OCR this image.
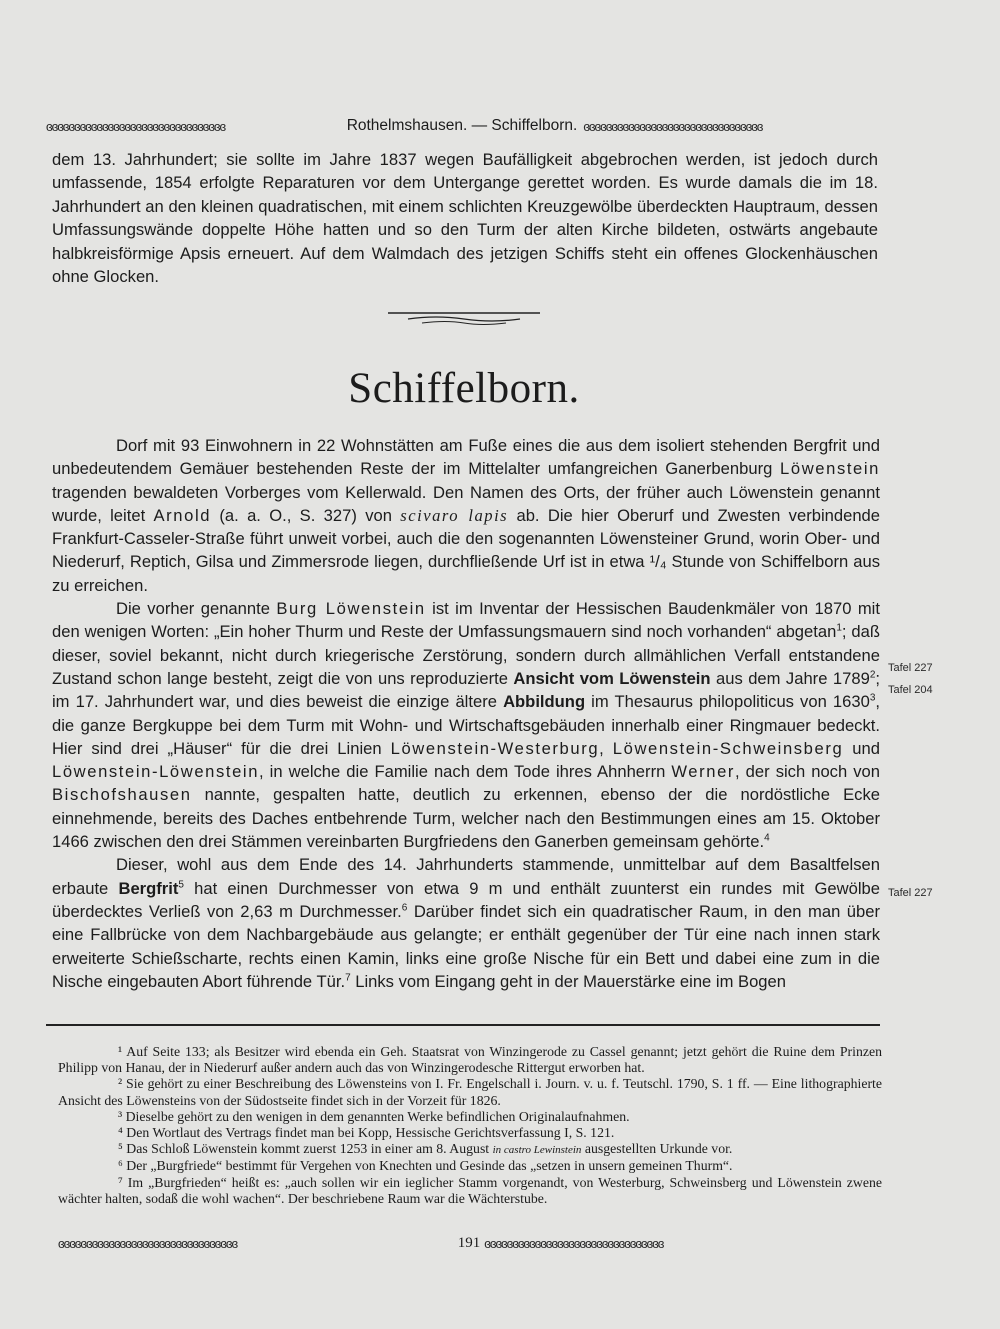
ɞɞɞɞɞɞɞɞɞɞɞɞɞɞɞɞɞɞɞɞɞɞɞɞɞɞɞɞɞɞɞɞ	Rothelmshausen. — Schiffelborn. ɞɞɞɞɞɞɞɞɞɞɞɞɞɞɞɞɞɞɞɞɞɞɞɞɞɞɞɞɞɞɞɞ
dem 13. Jahrhundert; sie sollte im Jahre 1837 wegen Baufälligkeit abgebrochen werden, ist jedoch durch umfassende, 1854 erfolgte Reparaturen vor dem Untergange gerettet worden. Es wurde damals die im 18. Jahrhundert an den kleinen quadratischen, mit einem schlichten Kreuzgewölbe überdeckten Hauptraum, dessen Umfassungswände doppelte Höhe hatten und so den Turm der alten Kirche bildeten, ostwärts angebaute halbkreisförmige Apsis erneuert. Auf dem Walmdach des jetzigen Schiffs steht ein offenes Glockenhäuschen ohne Glocken.
Schiffelborn.

Dorf mit 93 Einwohnern in 22 Wohnstätten am Fuße eines die aus dem isoliert stehenden Bergfrit und unbedeutendem Gemäuer bestehenden Reste der im Mittelalter umfangreichen Ganerbenburg Löwenstein tragenden bewaldeten Vorberges vom Kellerwald. Den Namen des Orts, der früher auch Löwenstein genannt wurde, leitet Arnold (a. a. O., S. 327) von scivaro lapis ab. Die hier Oberurf und Zwesten verbindende Frankfurt-Casseler-Straße führt unweit vorbei, auch die den sogenannten Löwensteiner Grund, worin Ober- und Niederurf, Reptich, Gilsa und Zimmersrode liegen, durchfließende Urf ist in etwa ¹/₄ Stunde von Schiffelborn aus zu erreichen.

Die vorher genannte Burg Löwenstein ist im Inventar der Hessischen Baudenkmäler von 1870 mit den wenigen Worten: „Ein hoher Thurm und Reste der Umfassungsmauern sind noch vorhanden“ abgetan$^1$; daß dieser, soviel bekannt, nicht durch kriegerische Zerstörung, sondern durch allmählichen Verfall entstandene Zustand schon lange besteht, zeigt die von uns reproduzierte Ansicht vom Löwenstein aus dem Jahre 1789$^2$; im 17. Jahrhundert war, und dies beweist die einzige ältere Abbildung im Thesaurus philopoliticus von 1630$^3$, die ganze Bergkuppe bei dem Turm mit Wohn- und Wirtschaftsgebäuden innerhalb einer Ringmauer bedeckt. Hier sind drei „Häuser“ für die drei Linien Löwenstein-Westerburg, Löwenstein-Schweinsberg und Löwenstein-Löwenstein, in welche die Familie nach dem Tode ihres Ahnherrn Werner, der sich noch von Bischofshausen nannte, gespalten hatte, deutlich zu erkennen, ebenso der die nordöstliche Ecke einnehmende, bereits des Daches entbehrende Turm, welcher nach den Bestimmungen eines am 15. Oktober 1466 zwischen den drei Stämmen vereinbarten Burgfriedens den Ganerben gemeinsam gehörte.$^4$

Dieser, wohl aus dem Ende des 14. Jahrhunderts stammende, unmittelbar auf dem Basaltfelsen erbaute Bergfrit$^5$ hat einen Durchmesser von etwa 9 m und enthält zuunterst ein rundes mit Gewölbe überdecktes Verließ von 2,63 m Durchmesser.$^6$ Darüber findet sich ein quadratischer Raum, in den man über eine Fallbrücke von dem Nachbargebäude aus gelangte; er enthält gegenüber der Tür eine nach innen stark erweiterte Schießscharte, rechts einen Kamin, links eine große Nische für ein Bett und dabei eine zum in die Nische eingebauten Abort führende Tür.$^7$ Links vom Eingang geht in der Mauerstärke eine im Bogen

Tafel 227
Tafel 204
Tafel 227

¹ Auf Seite 133; als Besitzer wird ebenda ein Geh. Staatsrat von Winzingerode zu Cassel genannt; jetzt gehört die Ruine dem Prinzen Philipp von Hanau, der in Niederurf außer andern auch das von Winzingerodesche Rittergut erworben hat.

² Sie gehört zu einer Beschreibung des Löwensteins von I. Fr. Engelschall i. Journ. v. u. f. Teutschl. 1790, S. 1 ff. — Eine lithographierte Ansicht des Löwensteins von der Südostseite findet sich in der Vorzeit für 1826.

³ Dieselbe gehört zu den wenigen in dem genannten Werke befindlichen Originalaufnahmen.

⁴ Den Wortlaut des Vertrags findet man bei Kopp, Hessische Gerichtsverfassung I, S. 121.

⁵ Das Schloß Löwenstein kommt zuerst 1253 in einer am 8. August in castro Lewinstein ausgestellten Urkunde vor.

⁶ Der „Burgfriede“ bestimmt für Vergehen von Knechten und Gesinde das „setzen in unsern gemeinen Thurm“.

⁷ Im „Burgfrieden“ heißt es: „auch sollen wir ein ieglicher Stamm vorgenandt, von Westerburg, Schweinsberg und Löwenstein zwene wächter halten, sodaß die wohl wachen“. Der beschriebene Raum war die Wächterstube.

ɞɞɞɞɞɞɞɞɞɞɞɞɞɞɞɞɞɞɞɞɞɞɞɞɞɞɞɞɞɞɞɞ	191 ɞɞɞɞɞɞɞɞɞɞɞɞɞɞɞɞɞɞɞɞɞɞɞɞɞɞɞɞɞɞɞɞ
